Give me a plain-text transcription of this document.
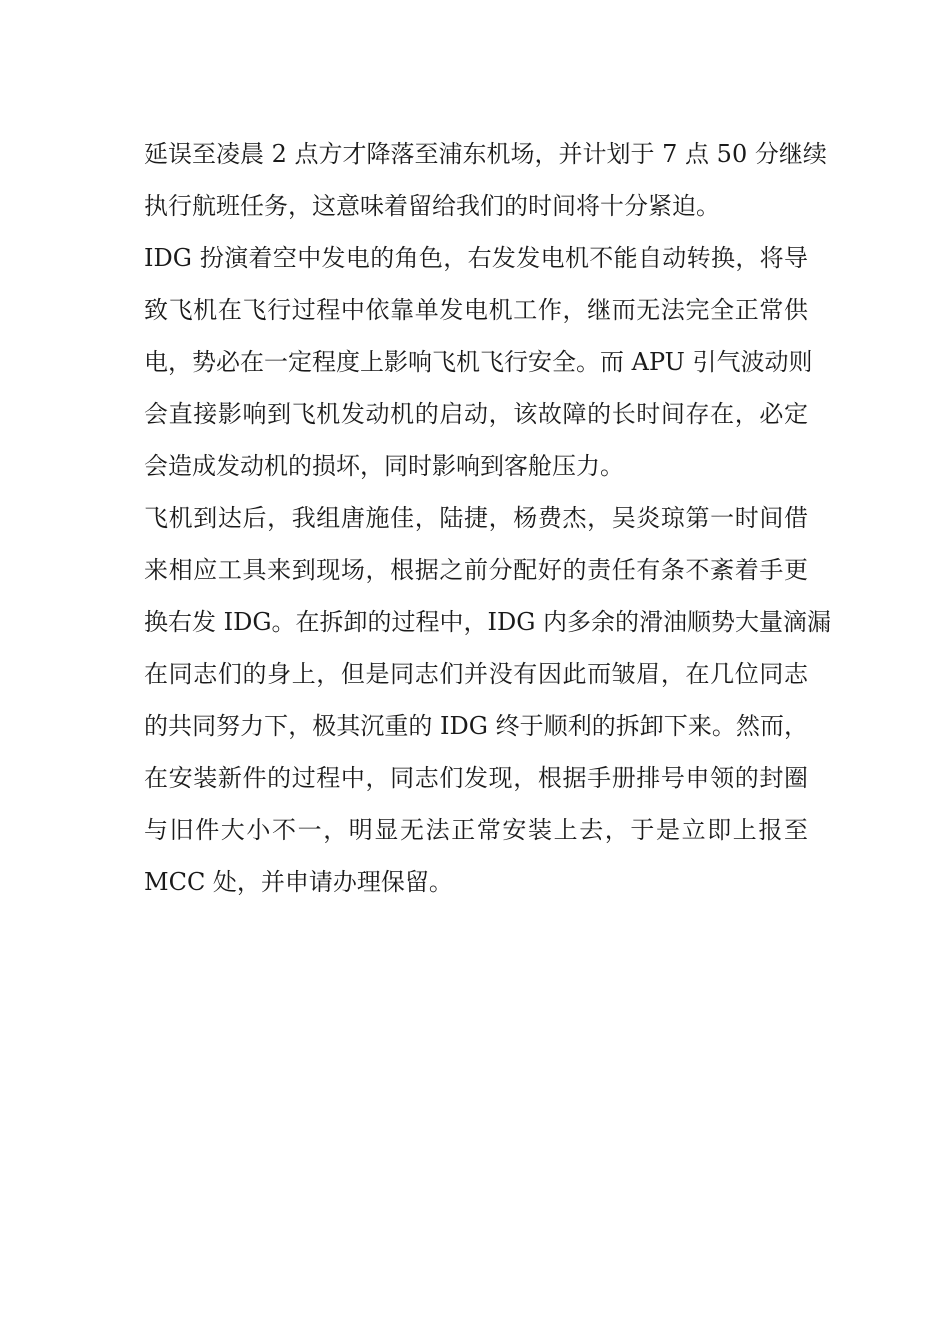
延误至凌晨 2 点方才降落至浦东机场，并计划于 7 点 50 分继续
执行航班任务，这意味着留给我们的时间将十分紧迫。
IDG 扮演着空中发电的角色，右发发电机不能自动转换，将导
致飞机在飞行过程中依靠单发电机工作，继而无法完全正常供
电，势必在一定程度上影响飞机飞行安全。而 APU 引气波动则
会直接影响到飞机发动机的启动，该故障的长时间存在，必定
会造成发动机的损坏，同时影响到客舱压力。
飞机到达后，我组唐施佳，陆捷，杨费杰，吴炎琼第一时间借
来相应工具来到现场，根据之前分配好的责任有条不紊着手更
换右发 IDG。在拆卸的过程中，IDG 内多余的滑油顺势大量滴漏
在同志们的身上，但是同志们并没有因此而皱眉，在几位同志
的共同努力下，极其沉重的 IDG 终于顺利的拆卸下来。然而，
在安装新件的过程中，同志们发现，根据手册排号申领的封圈
与旧件大小不一，明显无法正常安装上去，于是立即上报至
MCC 处，并申请办理保留。
